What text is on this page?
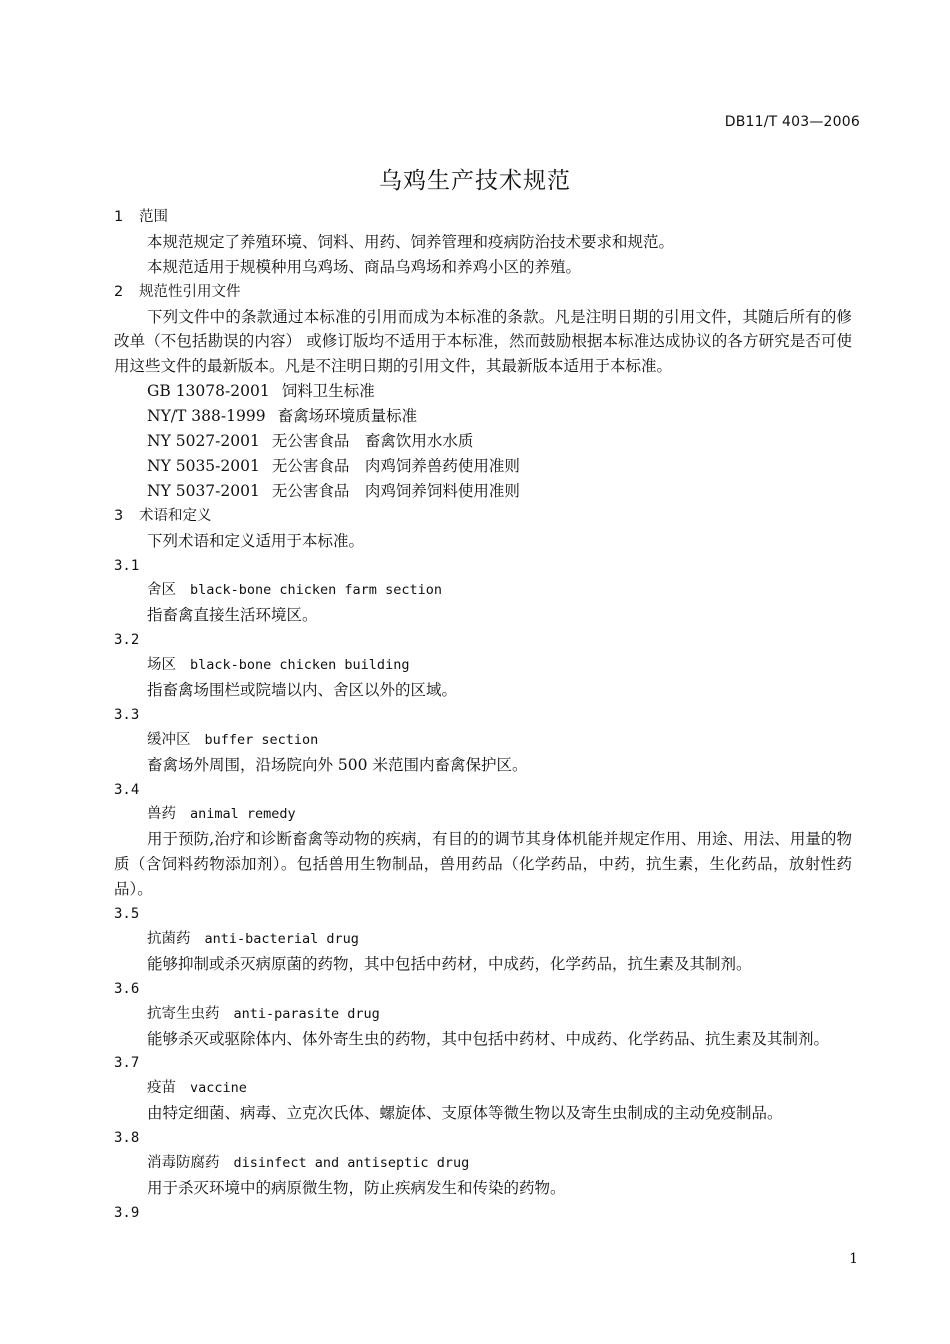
DB11/T 403—2006
乌鸡生产技术规范
1 范围
本规范规定了养殖环境、饲料、用药、饲养管理和疫病防治技术要求和规范。
本规范适用于规模种用乌鸡场、商品乌鸡场和养鸡小区的养殖。
2 规范性引用文件
下列文件中的条款通过本标准的引用而成为本标准的条款。凡是注明日期的引用文件，其随后所有的修改单（不包括勘误的内容） 或修订版均不适用于本标准，然而鼓励根据本标准达成协议的各方研究是否可使用这些文件的最新版本。凡是不注明日期的引用文件，其最新版本适用于本标准。
GB 13078-2001 饲料卫生标准
NY/T 388-1999 畜禽场环境质量标准
NY 5027-2001 无公害食品　畜禽饮用水水质
NY 5035-2001 无公害食品　肉鸡饲养兽药使用准则
NY 5037-2001 无公害食品　肉鸡饲养饲料使用准则
3 术语和定义
下列术语和定义适用于本标准。
3.1
舍区 black-bone chicken farm section
指畜禽直接生活环境区。
3.2
场区 black-bone chicken building
指畜禽场围栏或院墙以内、舍区以外的区域。
3.3
缓冲区 buffer section
畜禽场外周围，沿场院向外 500 米范围内畜禽保护区。
3.4
兽药 animal remedy
用于预防,治疗和诊断畜禽等动物的疾病，有目的的调节其身体机能并规定作用、用途、用法、用量的物质（含饲料药物添加剂）。包括兽用生物制品，兽用药品（化学药品，中药，抗生素，生化药品，放射性药品）。
3.5
抗菌药 anti-bacterial drug
能够抑制或杀灭病原菌的药物，其中包括中药材，中成药，化学药品，抗生素及其制剂。
3.6
抗寄生虫药 anti-parasite drug
能够杀灭或驱除体内、体外寄生虫的药物，其中包括中药材、中成药、化学药品、抗生素及其制剂。
3.7
疫苗 vaccine
由特定细菌、病毒、立克次氏体、螺旋体、支原体等微生物以及寄生虫制成的主动免疫制品。
3.8
消毒防腐药 disinfect and antiseptic drug
用于杀灭环境中的病原微生物，防止疾病发生和传染的药物。
3.9
1
